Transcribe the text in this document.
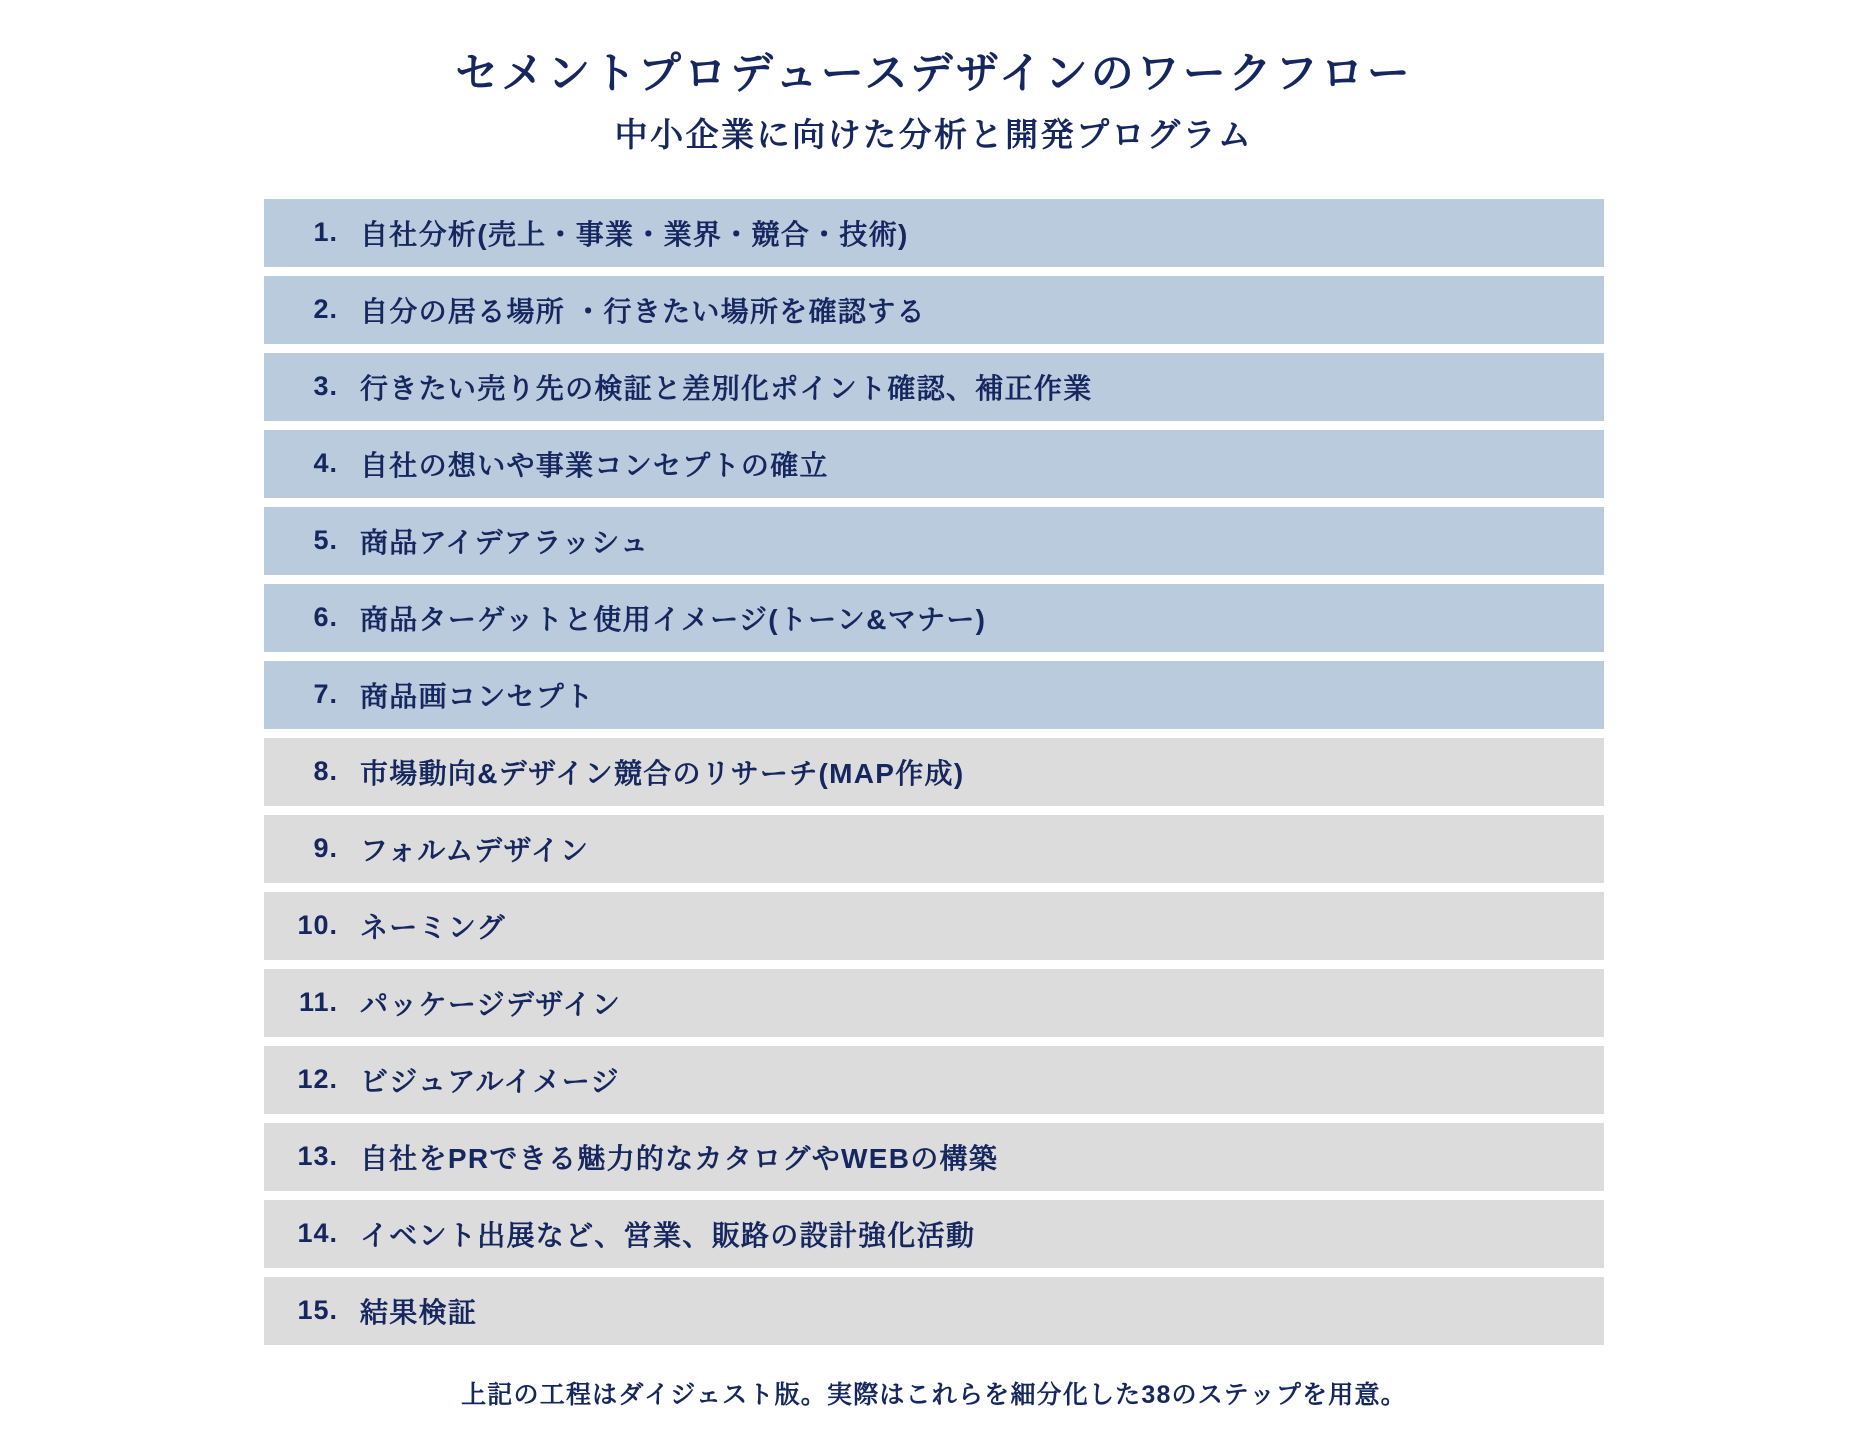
セメントプロデュースデザインのワークフロー
中小企業に向けた分析と開発プログラム
1. 自社分析(売上・事業・業界・競合・技術)
2. 自分の居る場所 ・行きたい場所を確認する
3. 行きたい売り先の検証と差別化ポイント確認、補正作業
4. 自社の想いや事業コンセプトの確立
5. 商品アイデアラッシュ
6. 商品ターゲットと使用イメージ(トーン&マナー)
7. 商品画コンセプト
8. 市場動向&デザイン競合のリサーチ(MAP作成)
9. フォルムデザイン
10. ネーミング
11. パッケージデザイン
12. ビジュアルイメージ
13. 自社をPRできる魅力的なカタログやWEBの構築
14. イベント出展など、営業、販路の設計強化活動
15. 結果検証
上記の工程はダイジェスト版。実際はこれらを細分化した38のステップを用意。
